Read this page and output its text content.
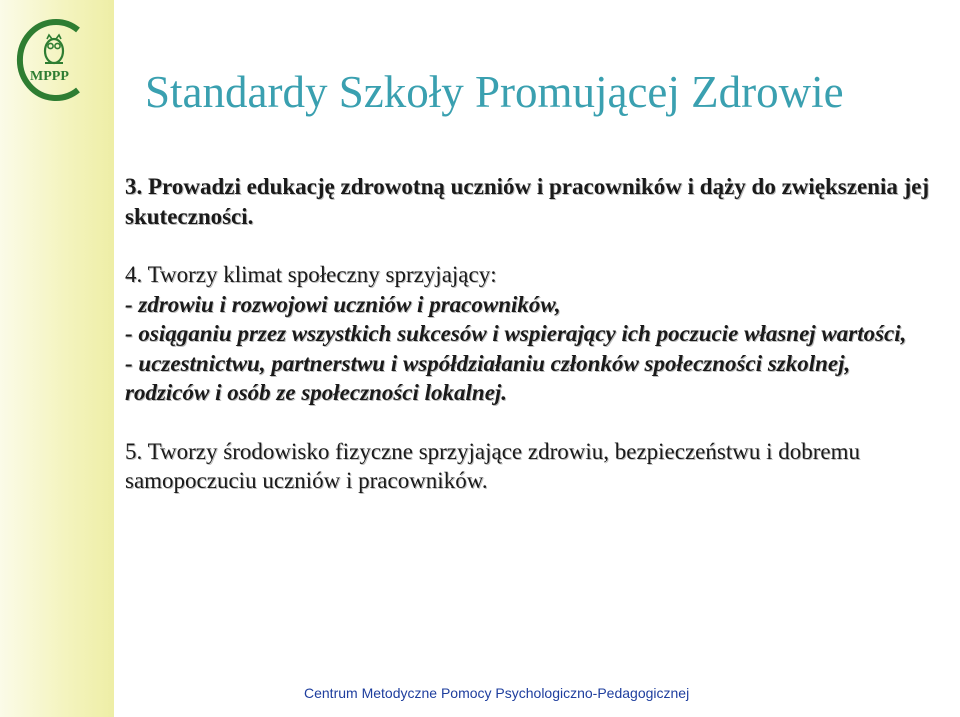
MPPP Standardy Szkoły Promującej Zdrowie

3. Prowadzi edukację zdrowotną uczniów i pracowników i dąży do zwiększenia jej skuteczności.

4. Tworzy klimat społeczny sprzyjający:

- zdrowiu i rozwojowi uczniów i pracowników,

- osiąganiu przez wszystkich sukcesów i wspierający ich poczucie własnej wartości,

- uczestnictwu, partnerstwu i współdziałaniu członków społeczności szkolnej, rodziców i osób ze społeczności lokalnej.

5. Tworzy środowisko fizyczne sprzyjające zdrowiu, bezpieczeństwu i dobremu samopoczuciu uczniów i pracowników.

Centrum Metodyczne Pomocy Psychologiczno-Pedagogicznej
